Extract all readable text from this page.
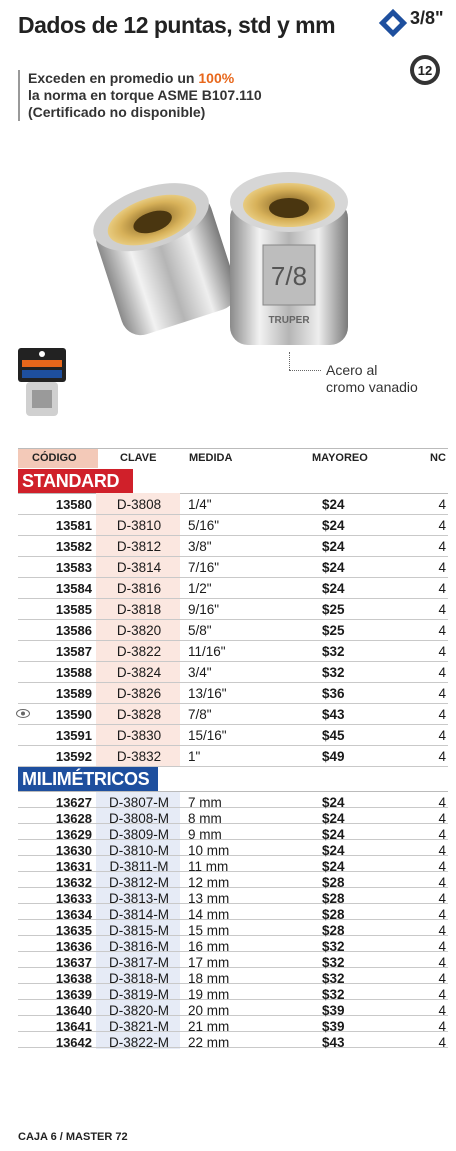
Dados de 12 puntas, std y mm	3/8"
12
Exceden en promedio un 100%
la norma en torque ASME B107.110
(Certificado no disponible)
7/8
TRUPER
Acero al
cromo vanadio
CÓDIGO	CLAVE	MEDIDA	MAYOREO	NC
STANDARD
13580	D-3808	1/4"	$24	4
13581	D-3810	5/16"	$24	4
13582	D-3812	3/8"	$24	4
13583	D-3814	7/16"	$24	4
13584	D-3816	1/2"	$24	4
13585	D-3818	9/16"	$25	4
13586	D-3820	5/8"	$25	4
13587	D-3822	11/16"	$32	4
13588	D-3824	3/4"	$32	4
13589	D-3826	13/16"	$36	4
13590	D-3828	7/8"	$43	4
13591	D-3830	15/16"	$45	4
13592	D-3832	1"	$49	4
MILIMÉTRICOS
13627	D-3807-M	7 mm	$24	4
13628	D-3808-M	8 mm	$24	4
13629	D-3809-M	9 mm	$24	4
13630	D-3810-M	10 mm	$24	4
13631	D-3811-M	11 mm	$24	4
13632	D-3812-M	12 mm	$28	4
13633	D-3813-M	13 mm	$28	4
13634	D-3814-M	14 mm	$28	4
13635	D-3815-M	15 mm	$28	4
13636	D-3816-M	16 mm	$32	4
13637	D-3817-M	17 mm	$32	4
13638	D-3818-M	18 mm	$32	4
13639	D-3819-M	19 mm	$32	4
13640	D-3820-M	20 mm	$39	4
13641	D-3821-M	21 mm	$39	4
13642	D-3822-M	22 mm	$43	4
CAJA 6 / MASTER 72
